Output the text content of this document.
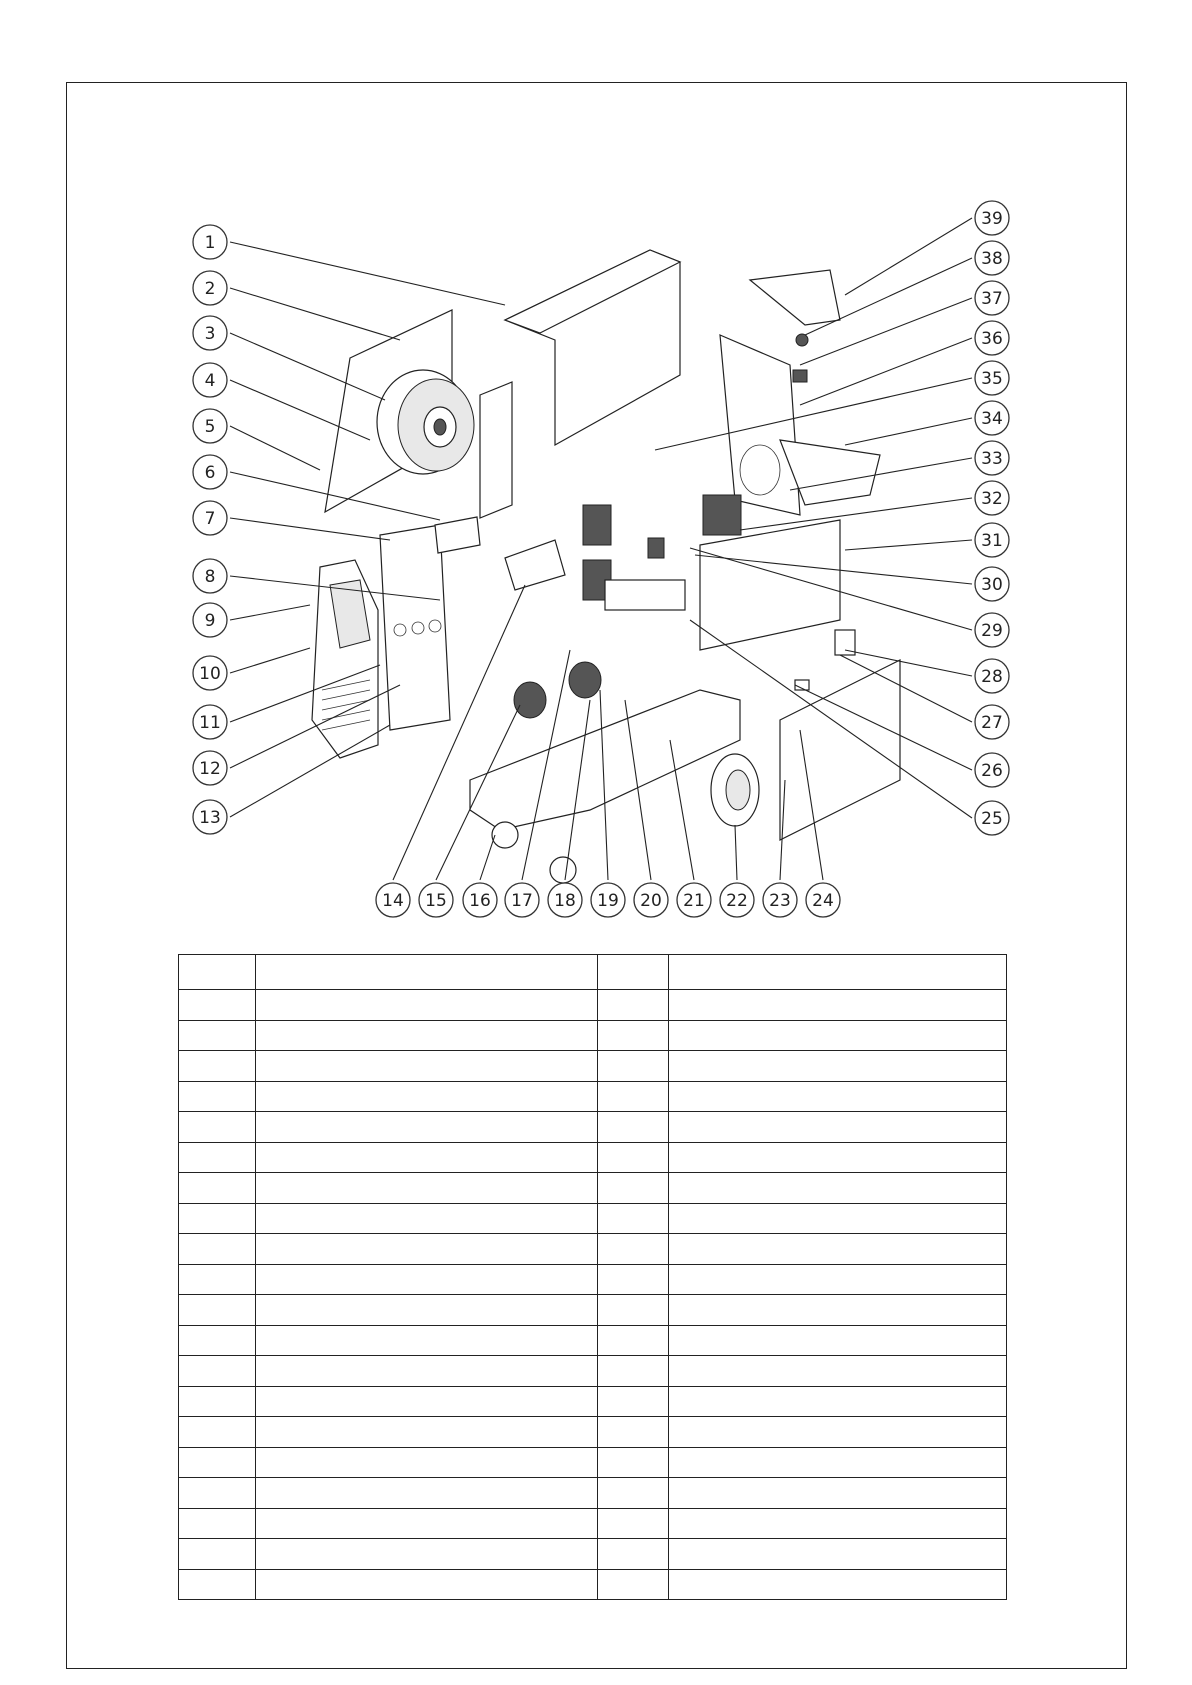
1
2
3
4
5
6
7
8
9
10
11
12
13
14 15 16 17 18 19 20 21 22 23 24
25
26
27
28
29
30
31
32
33
34
35
36
37
38
39
